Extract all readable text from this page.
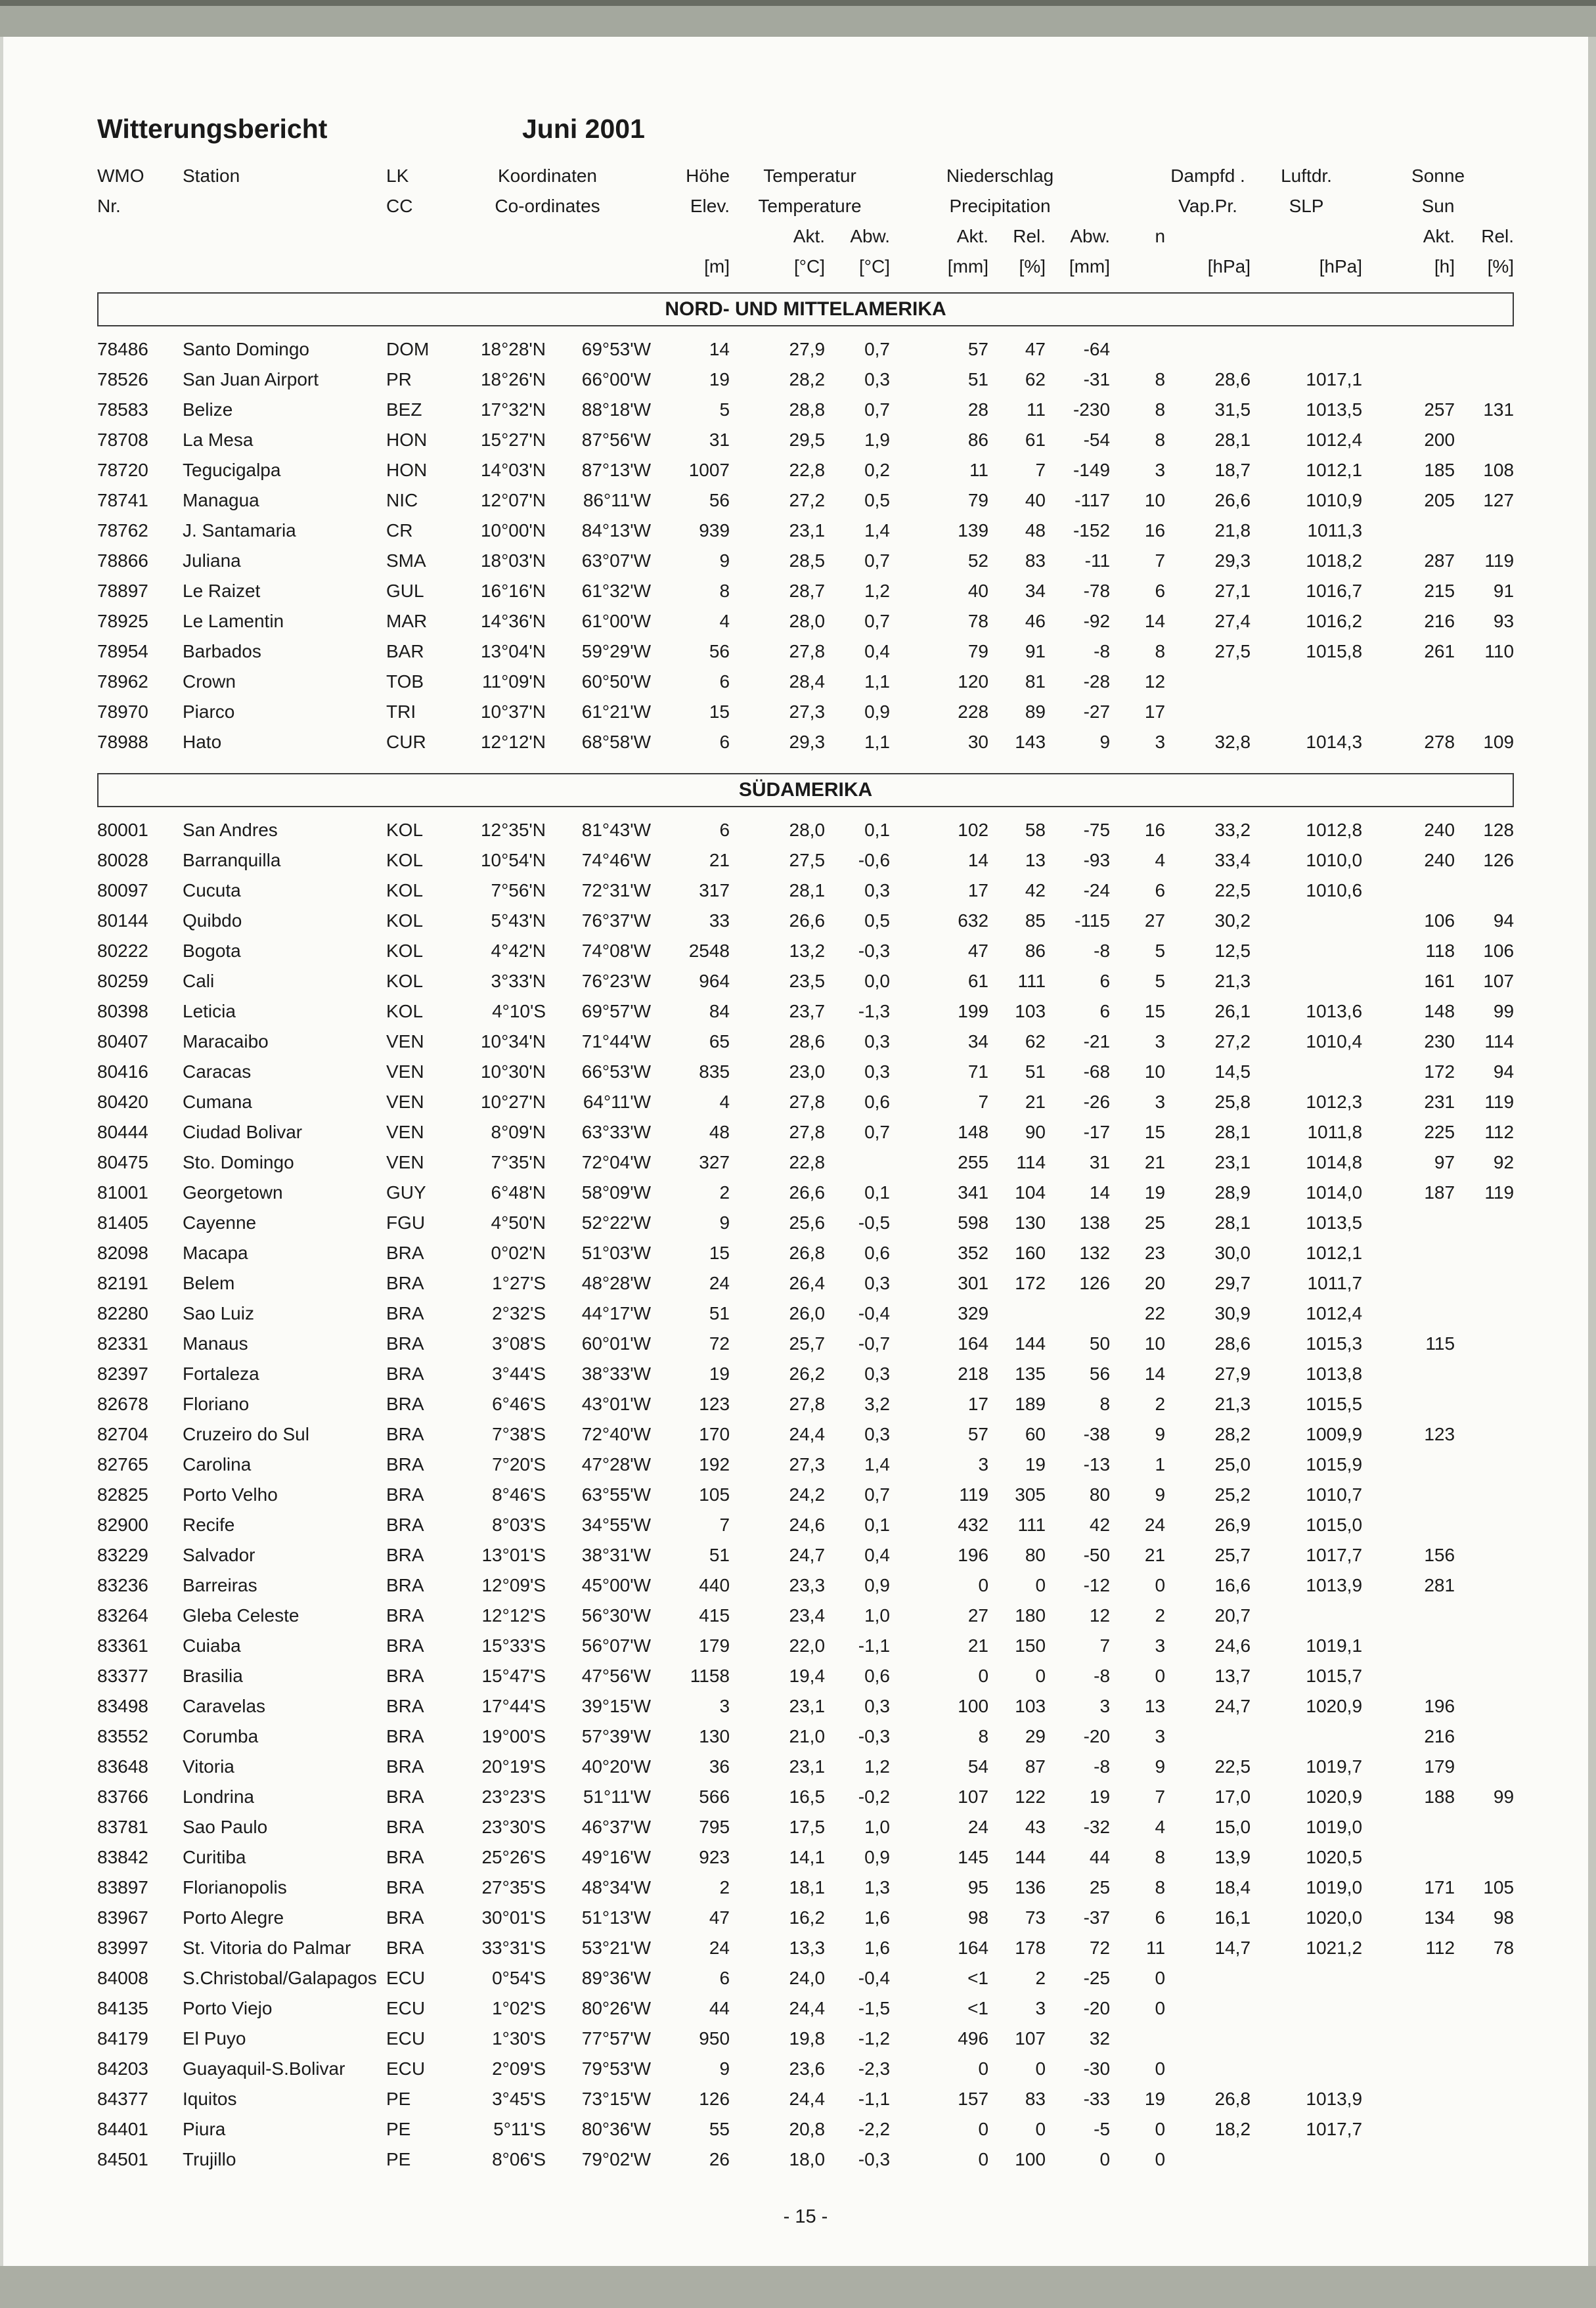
Witterungsbericht	Juni 2001
WMO	Station	LK	Koordinaten		Höhe	Temperatur		Niederschlag				Dampfd .	Luftdr.	Sonne	
Nr.		CC	Co-ordinates		Elev.	Temperature		Precipitation				Vap.Pr.	SLP	Sun	
						Akt.	Abw.	Akt.	Rel.	Abw.	n			Akt.	Rel.
					[m]	[°C]	[°C]	[mm]	[%]	[mm]		[hPa]	[hPa]	[h]	[%]

NORD- UND MITTELAMERIKA															

78486	Santo Domingo	DOM	18°28'N	69°53'W	14	27,9	0,7	57	47	-64					
78526	San Juan Airport	PR	18°26'N	66°00'W	19	28,2	0,3	51	62	-31	8	28,6	1017,1		
78583	Belize	BEZ	17°32'N	88°18'W	5	28,8	0,7	28	11	-230	8	31,5	1013,5	257	131
78708	La Mesa	HON	15°27'N	87°56'W	31	29,5	1,9	86	61	-54	8	28,1	1012,4	200	
78720	Tegucigalpa	HON	14°03'N	87°13'W	1007	22,8	0,2	11	7	-149	3	18,7	1012,1	185	108
78741	Managua	NIC	12°07'N	86°11'W	56	27,2	0,5	79	40	-117	10	26,6	1010,9	205	127
78762	J. Santamaria	CR	10°00'N	84°13'W	939	23,1	1,4	139	48	-152	16	21,8	1011,3		
78866	Juliana	SMA	18°03'N	63°07'W	9	28,5	0,7	52	83	-11	7	29,3	1018,2	287	119
78897	Le Raizet	GUL	16°16'N	61°32'W	8	28,7	1,2	40	34	-78	6	27,1	1016,7	215	91
78925	Le Lamentin	MAR	14°36'N	61°00'W	4	28,0	0,7	78	46	-92	14	27,4	1016,2	216	93
78954	Barbados	BAR	13°04'N	59°29'W	56	27,8	0,4	79	91	-8	8	27,5	1015,8	261	110
78962	Crown	TOB	11°09'N	60°50'W	6	28,4	1,1	120	81	-28	12				
78970	Piarco	TRI	10°37'N	61°21'W	15	27,3	0,9	228	89	-27	17				
78988	Hato	CUR	12°12'N	68°58'W	6	29,3	1,1	30	143	9	3	32,8	1014,3	278	109

SÜDAMERIKA															

80001	San Andres	KOL	12°35'N	81°43'W	6	28,0	0,1	102	58	-75	16	33,2	1012,8	240	128
80028	Barranquilla	KOL	10°54'N	74°46'W	21	27,5	-0,6	14	13	-93	4	33,4	1010,0	240	126
80097	Cucuta	KOL	7°56'N	72°31'W	317	28,1	0,3	17	42	-24	6	22,5	1010,6		
80144	Quibdo	KOL	5°43'N	76°37'W	33	26,6	0,5	632	85	-115	27	30,2		106	94
80222	Bogota	KOL	4°42'N	74°08'W	2548	13,2	-0,3	47	86	-8	5	12,5		118	106
80259	Cali	KOL	3°33'N	76°23'W	964	23,5	0,0	61	111	6	5	21,3		161	107
80398	Leticia	KOL	4°10'S	69°57'W	84	23,7	-1,3	199	103	6	15	26,1	1013,6	148	99
80407	Maracaibo	VEN	10°34'N	71°44'W	65	28,6	0,3	34	62	-21	3	27,2	1010,4	230	114
80416	Caracas	VEN	10°30'N	66°53'W	835	23,0	0,3	71	51	-68	10	14,5		172	94
80420	Cumana	VEN	10°27'N	64°11'W	4	27,8	0,6	7	21	-26	3	25,8	1012,3	231	119
80444	Ciudad Bolivar	VEN	8°09'N	63°33'W	48	27,8	0,7	148	90	-17	15	28,1	1011,8	225	112
80475	Sto. Domingo	VEN	7°35'N	72°04'W	327	22,8		255	114	31	21	23,1	1014,8	97	92
81001	Georgetown	GUY	6°48'N	58°09'W	2	26,6	0,1	341	104	14	19	28,9	1014,0	187	119
81405	Cayenne	FGU	4°50'N	52°22'W	9	25,6	-0,5	598	130	138	25	28,1	1013,5		
82098	Macapa	BRA	0°02'N	51°03'W	15	26,8	0,6	352	160	132	23	30,0	1012,1		
82191	Belem	BRA	1°27'S	48°28'W	24	26,4	0,3	301	172	126	20	29,7	1011,7		
82280	Sao Luiz	BRA	2°32'S	44°17'W	51	26,0	-0,4	329			22	30,9	1012,4		
82331	Manaus	BRA	3°08'S	60°01'W	72	25,7	-0,7	164	144	50	10	28,6	1015,3	115	
82397	Fortaleza	BRA	3°44'S	38°33'W	19	26,2	0,3	218	135	56	14	27,9	1013,8		
82678	Floriano	BRA	6°46'S	43°01'W	123	27,8	3,2	17	189	8	2	21,3	1015,5		
82704	Cruzeiro do Sul	BRA	7°38'S	72°40'W	170	24,4	0,3	57	60	-38	9	28,2	1009,9	123	
82765	Carolina	BRA	7°20'S	47°28'W	192	27,3	1,4	3	19	-13	1	25,0	1015,9		
82825	Porto Velho	BRA	8°46'S	63°55'W	105	24,2	0,7	119	305	80	9	25,2	1010,7		
82900	Recife	BRA	8°03'S	34°55'W	7	24,6	0,1	432	111	42	24	26,9	1015,0		
83229	Salvador	BRA	13°01'S	38°31'W	51	24,7	0,4	196	80	-50	21	25,7	1017,7	156	
83236	Barreiras	BRA	12°09'S	45°00'W	440	23,3	0,9	0	0	-12	0	16,6	1013,9	281	
83264	Gleba Celeste	BRA	12°12'S	56°30'W	415	23,4	1,0	27	180	12	2	20,7			
83361	Cuiaba	BRA	15°33'S	56°07'W	179	22,0	-1,1	21	150	7	3	24,6	1019,1		
83377	Brasilia	BRA	15°47'S	47°56'W	1158	19,4	0,6	0	0	-8	0	13,7	1015,7		
83498	Caravelas	BRA	17°44'S	39°15'W	3	23,1	0,3	100	103	3	13	24,7	1020,9	196	
83552	Corumba	BRA	19°00'S	57°39'W	130	21,0	-0,3	8	29	-20	3			216	
83648	Vitoria	BRA	20°19'S	40°20'W	36	23,1	1,2	54	87	-8	9	22,5	1019,7	179	
83766	Londrina	BRA	23°23'S	51°11'W	566	16,5	-0,2	107	122	19	7	17,0	1020,9	188	99
83781	Sao Paulo	BRA	23°30'S	46°37'W	795	17,5	1,0	24	43	-32	4	15,0	1019,0		
83842	Curitiba	BRA	25°26'S	49°16'W	923	14,1	0,9	145	144	44	8	13,9	1020,5		
83897	Florianopolis	BRA	27°35'S	48°34'W	2	18,1	1,3	95	136	25	8	18,4	1019,0	171	105
83967	Porto Alegre	BRA	30°01'S	51°13'W	47	16,2	1,6	98	73	-37	6	16,1	1020,0	134	98
83997	St. Vitoria do Palmar	BRA	33°31'S	53°21'W	24	13,3	1,6	164	178	72	11	14,7	1021,2	112	78
84008	S.Christobal/Galapagos	ECU	0°54'S	89°36'W	6	24,0	-0,4	<1	2	-25	0				
84135	Porto Viejo	ECU	1°02'S	80°26'W	44	24,4	-1,5	<1	3	-20	0				
84179	El Puyo	ECU	1°30'S	77°57'W	950	19,8	-1,2	496	107	32					
84203	Guayaquil-S.Bolivar	ECU	2°09'S	79°53'W	9	23,6	-2,3	0	0	-30	0				
84377	Iquitos	PE	3°45'S	73°15'W	126	24,4	-1,1	157	83	-33	19	26,8	1013,9		
84401	Piura	PE	5°11'S	80°36'W	55	20,8	-2,2	0	0	-5	0	18,2	1017,7		
84501	Trujillo	PE	8°06'S	79°02'W	26	18,0	-0,3	0	100	0	0				
- 15 -
